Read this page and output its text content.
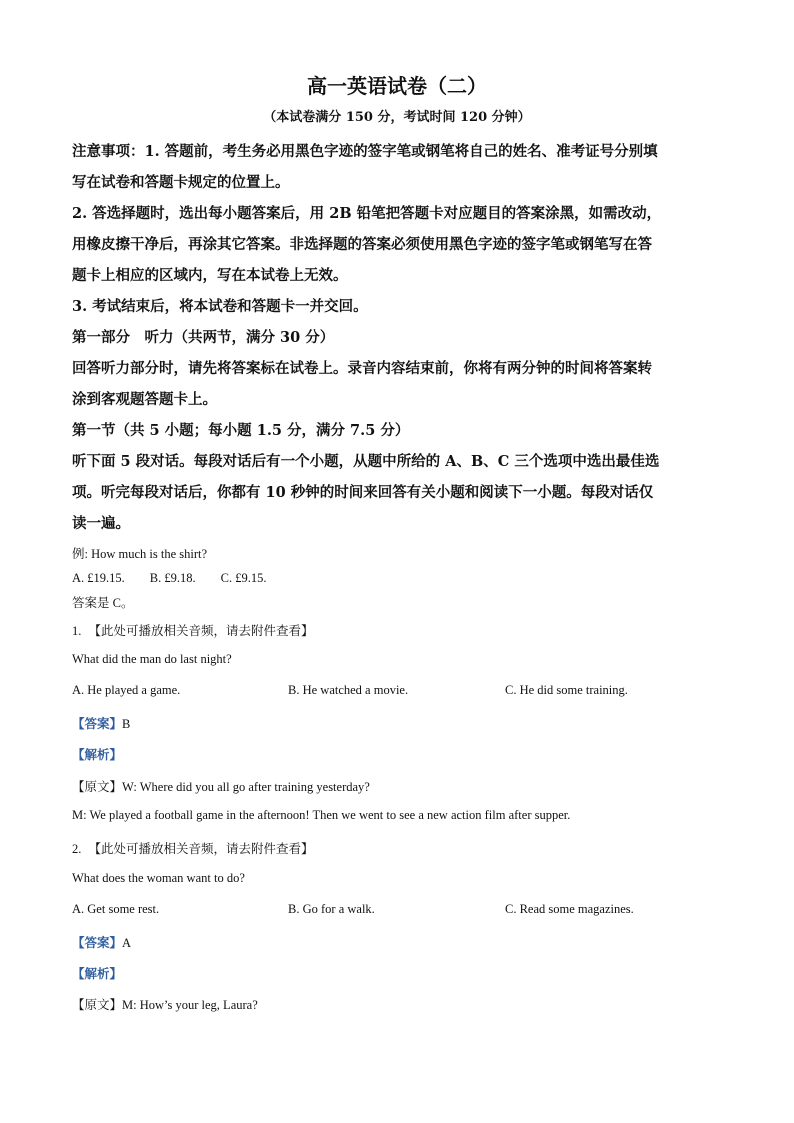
高一英语试卷（二）
（本试卷满分 150 分，考试时间 120 分钟）
注意事项：1. 答题前，考生务必用黑色字迹的签字笔或钢笔将自己的姓名、准考证号分别填
写在试卷和答题卡规定的位置上。
2. 答选择题时，选出每小题答案后，用 2B 铅笔把答题卡对应题目的答案涂黑，如需改动，
用橡皮擦干净后，再涂其它答案。非选择题的答案必须使用黑色字迹的签字笔或钢笔写在答
题卡上相应的区域内，写在本试卷上无效。
3. 考试结束后，将本试卷和答题卡一并交回。
第一部分　听力（共两节，满分 30 分）
回答听力部分时，请先将答案标在试卷上。录音内容结束前，你将有两分钟的时间将答案转
涂到客观题答题卡上。
第一节（共 5 小题；每小题 1.5 分，满分 7.5 分）
听下面 5 段对话。每段对话后有一个小题，从题中所给的 A、B、C 三个选项中选出最佳选
项。听完每段对话后，你都有 10 秒钟的时间来回答有关小题和阅读下一小题。每段对话仅
读一遍。
例: How much is the shirt?
A. £19.15.　　B. £9.18.　　C. £9.15.
答案是 C。
1. 【此处可播放相关音频，请去附件查看】
What did the man do last night?
A. He played a game.	B. He watched a movie.	C. He did some training.
【答案】B
【解析】
【原文】W: Where did you all go after training yesterday?
M: We played a football game in the afternoon! Then we went to see a new action film after supper.
2. 【此处可播放相关音频，请去附件查看】
What does the woman want to do?
A. Get some rest.	B. Go for a walk.	C. Read some magazines.
【答案】A
【解析】
【原文】M: How’s your leg, Laura?
